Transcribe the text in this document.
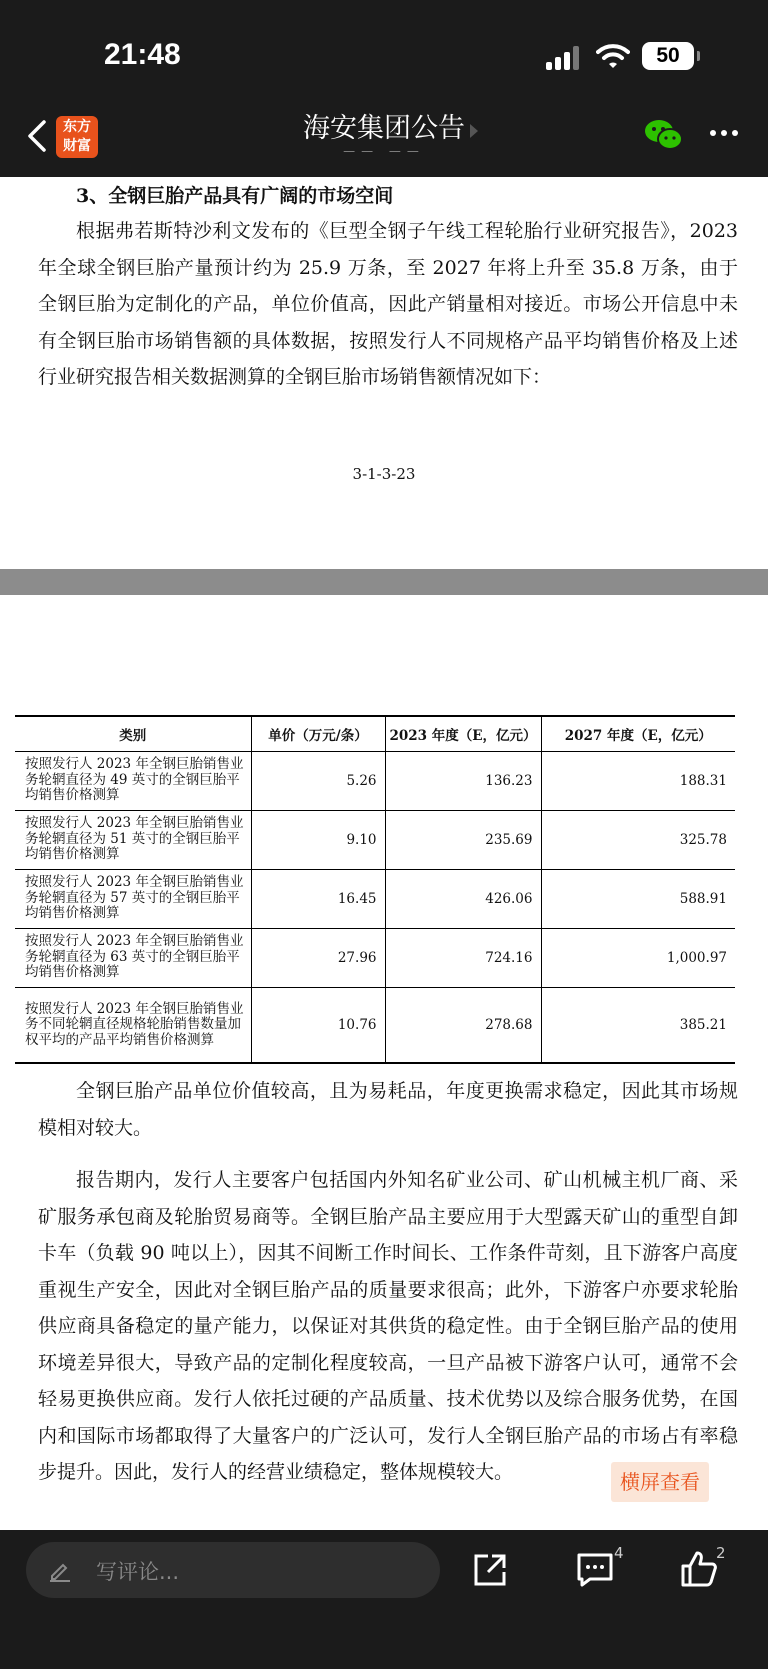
21:48	50
东方
财富
海安集团公告
—— ——
3、全钢巨胎产品具有广阔的市场空间
根据弗若斯特沙利文发布的《巨型全钢子午线工程轮胎行业研究报告》，2023年全球全钢巨胎产量预计约为 25.9 万条，至 2027 年将上升至 35.8 万条，由于全钢巨胎为定制化的产品，单位价值高，因此产销量相对接近。市场公开信息中未有全钢巨胎市场销售额的具体数据，按照发行人不同规格产品平均销售价格及上述行业研究报告相关数据测算的全钢巨胎市场销售额情况如下：
3-1-3-23
类别	单价（万元/条）	2023 年度（E，亿元）	2027 年度（E，亿元）
按照发行人 2023 年全钢巨胎销售业务轮辋直径为 49 英寸的全钢巨胎平均销售价格测算	5.26	136.23	188.31
按照发行人 2023 年全钢巨胎销售业务轮辋直径为 51 英寸的全钢巨胎平均销售价格测算	9.10	235.69	325.78
按照发行人 2023 年全钢巨胎销售业务轮辋直径为 57 英寸的全钢巨胎平均销售价格测算	16.45	426.06	588.91
按照发行人 2023 年全钢巨胎销售业务轮辋直径为 63 英寸的全钢巨胎平均销售价格测算	27.96	724.16	1,000.97
按照发行人 2023 年全钢巨胎销售业务不同轮辋直径规格轮胎销售数量加权平均的产品平均销售价格测算	10.76	278.68	385.21
全钢巨胎产品单位价值较高，且为易耗品，年度更换需求稳定，因此其市场规模相对较大。
报告期内，发行人主要客户包括国内外知名矿业公司、矿山机械主机厂商、采矿服务承包商及轮胎贸易商等。全钢巨胎产品主要应用于大型露天矿山的重型自卸卡车（负载 90 吨以上），因其不间断工作时间长、工作条件苛刻，且下游客户高度重视生产安全，因此对全钢巨胎产品的质量要求很高；此外，下游客户亦要求轮胎供应商具备稳定的量产能力，以保证对其供货的稳定性。由于全钢巨胎产品的使用环境差异很大，导致产品的定制化程度较高，一旦产品被下游客户认可，通常不会轻易更换供应商。发行人依托过硬的产品质量、技术优势以及综合服务优势，在国内和国际市场都取得了大量客户的广泛认可，发行人全钢巨胎产品的市场占有率稳步提升。因此，发行人的经营业绩稳定，整体规模较大。	横屏查看
写评论...
4	2
